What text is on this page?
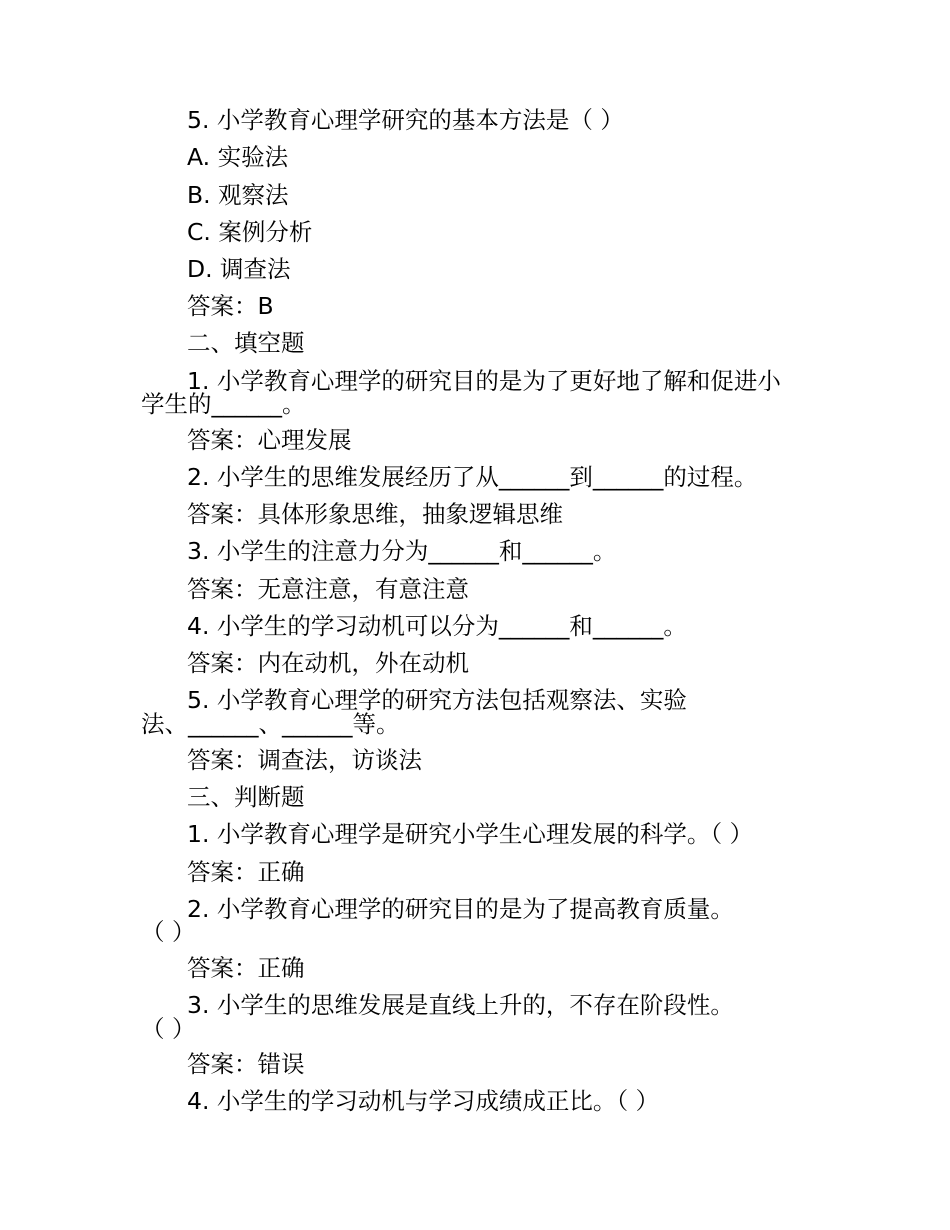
5. 小学教育心理学研究的基本方法是（ ）
A. 实验法
B. 观察法
C. 案例分析
D. 调查法
答案：B
二、填空题
1. 小学教育心理学的研究目的是为了更好地了解和促进小
学生的______。
答案：心理发展
2. 小学生的思维发展经历了从______到______的过程。
答案：具体形象思维，抽象逻辑思维
3. 小学生的注意力分为______和______。
答案：无意注意，有意注意
4. 小学生的学习动机可以分为______和______。
答案：内在动机，外在动机
5. 小学教育心理学的研究方法包括观察法、实验
法、______、______等。
答案：调查法，访谈法
三、判断题
1. 小学教育心理学是研究小学生心理发展的科学。（ ）
答案：正确
2. 小学教育心理学的研究目的是为了提高教育质量。
（ ）
答案：正确
3. 小学生的思维发展是直线上升的，不存在阶段性。
（ ）
答案：错误
4. 小学生的学习动机与学习成绩成正比。（ ）
